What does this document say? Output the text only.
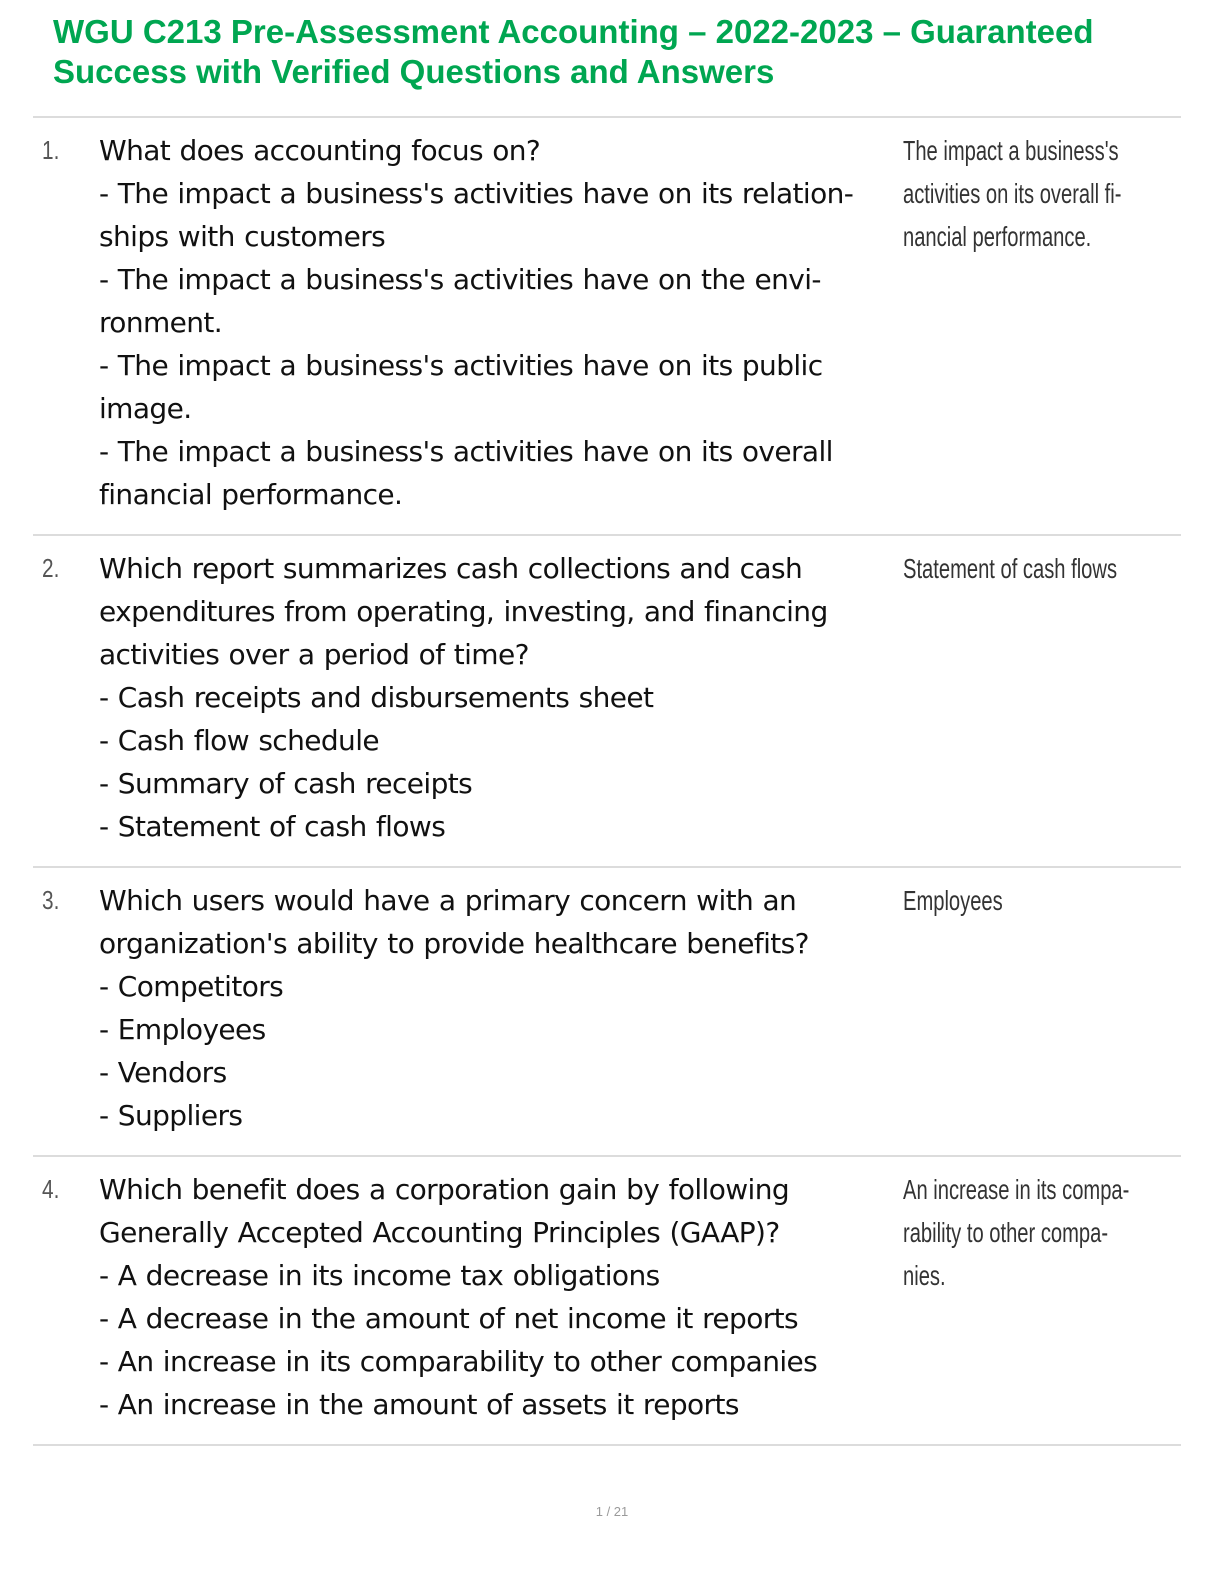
WGU C213 Pre-Assessment Accounting – 2022-2023 – Guaranteed
Success with Verified Questions and Answers
1. What does accounting focus on?
- The impact a business's activities have on its relation-
ships with customers
- The impact a business's activities have on the envi-
ronment.
- The impact a business's activities have on its public
image.
- The impact a business's activities have on its overall
financial performance.
The impact a business's
activities on its overall fi-
nancial performance.
2. Which report summarizes cash collections and cash
expenditures from operating, investing, and financing
activities over a period of time?
- Cash receipts and disbursements sheet
- Cash flow schedule
- Summary of cash receipts
- Statement of cash flows
Statement of cash flows
3. Which users would have a primary concern with an
organization's ability to provide healthcare benefits?
- Competitors
- Employees
- Vendors
- Suppliers
Employees
4. Which benefit does a corporation gain by following
Generally Accepted Accounting Principles (GAAP)?
- A decrease in its income tax obligations
- A decrease in the amount of net income it reports
- An increase in its comparability to other companies
- An increase in the amount of assets it reports
An increase in its compa-
rability to other compa-
nies.
1 / 21
